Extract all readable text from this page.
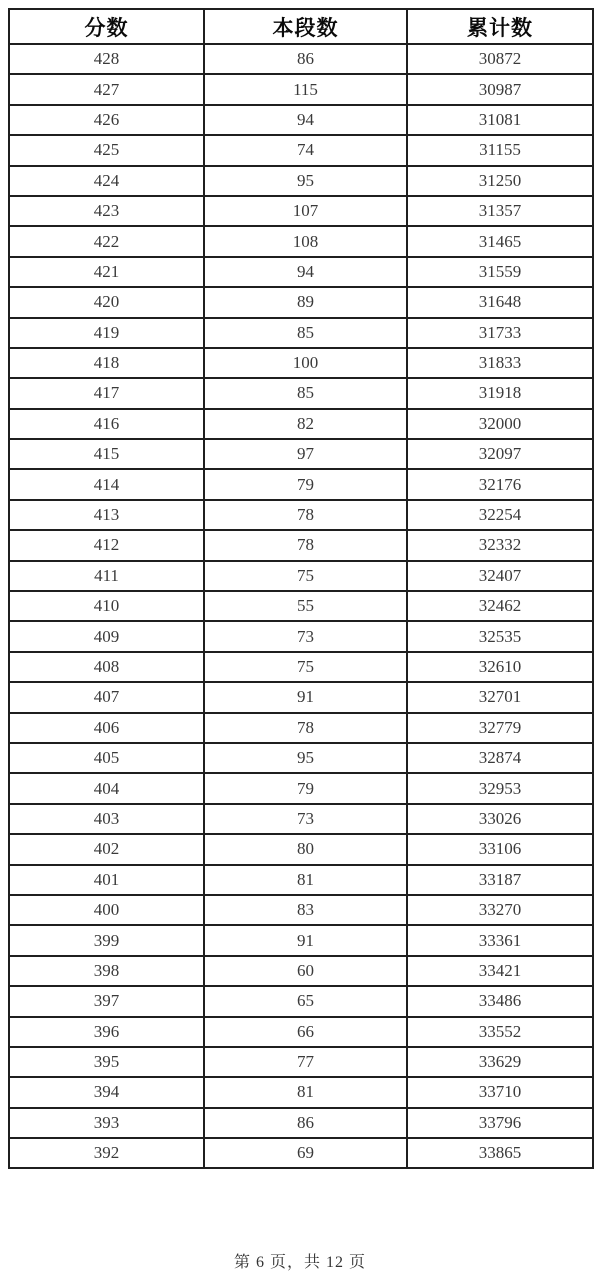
分数	本段数	累计数
428	86	30872
427	115	30987
426	94	31081
425	74	31155
424	95	31250
423	107	31357
422	108	31465
421	94	31559
420	89	31648
419	85	31733
418	100	31833
417	85	31918
416	82	32000
415	97	32097
414	79	32176
413	78	32254
412	78	32332
411	75	32407
410	55	32462
409	73	32535
408	75	32610
407	91	32701
406	78	32779
405	95	32874
404	79	32953
403	73	33026
402	80	33106
401	81	33187
400	83	33270
399	91	33361
398	60	33421
397	65	33486
396	66	33552
395	77	33629
394	81	33710
393	86	33796
392	69	33865
第 6 页，共 12 页
